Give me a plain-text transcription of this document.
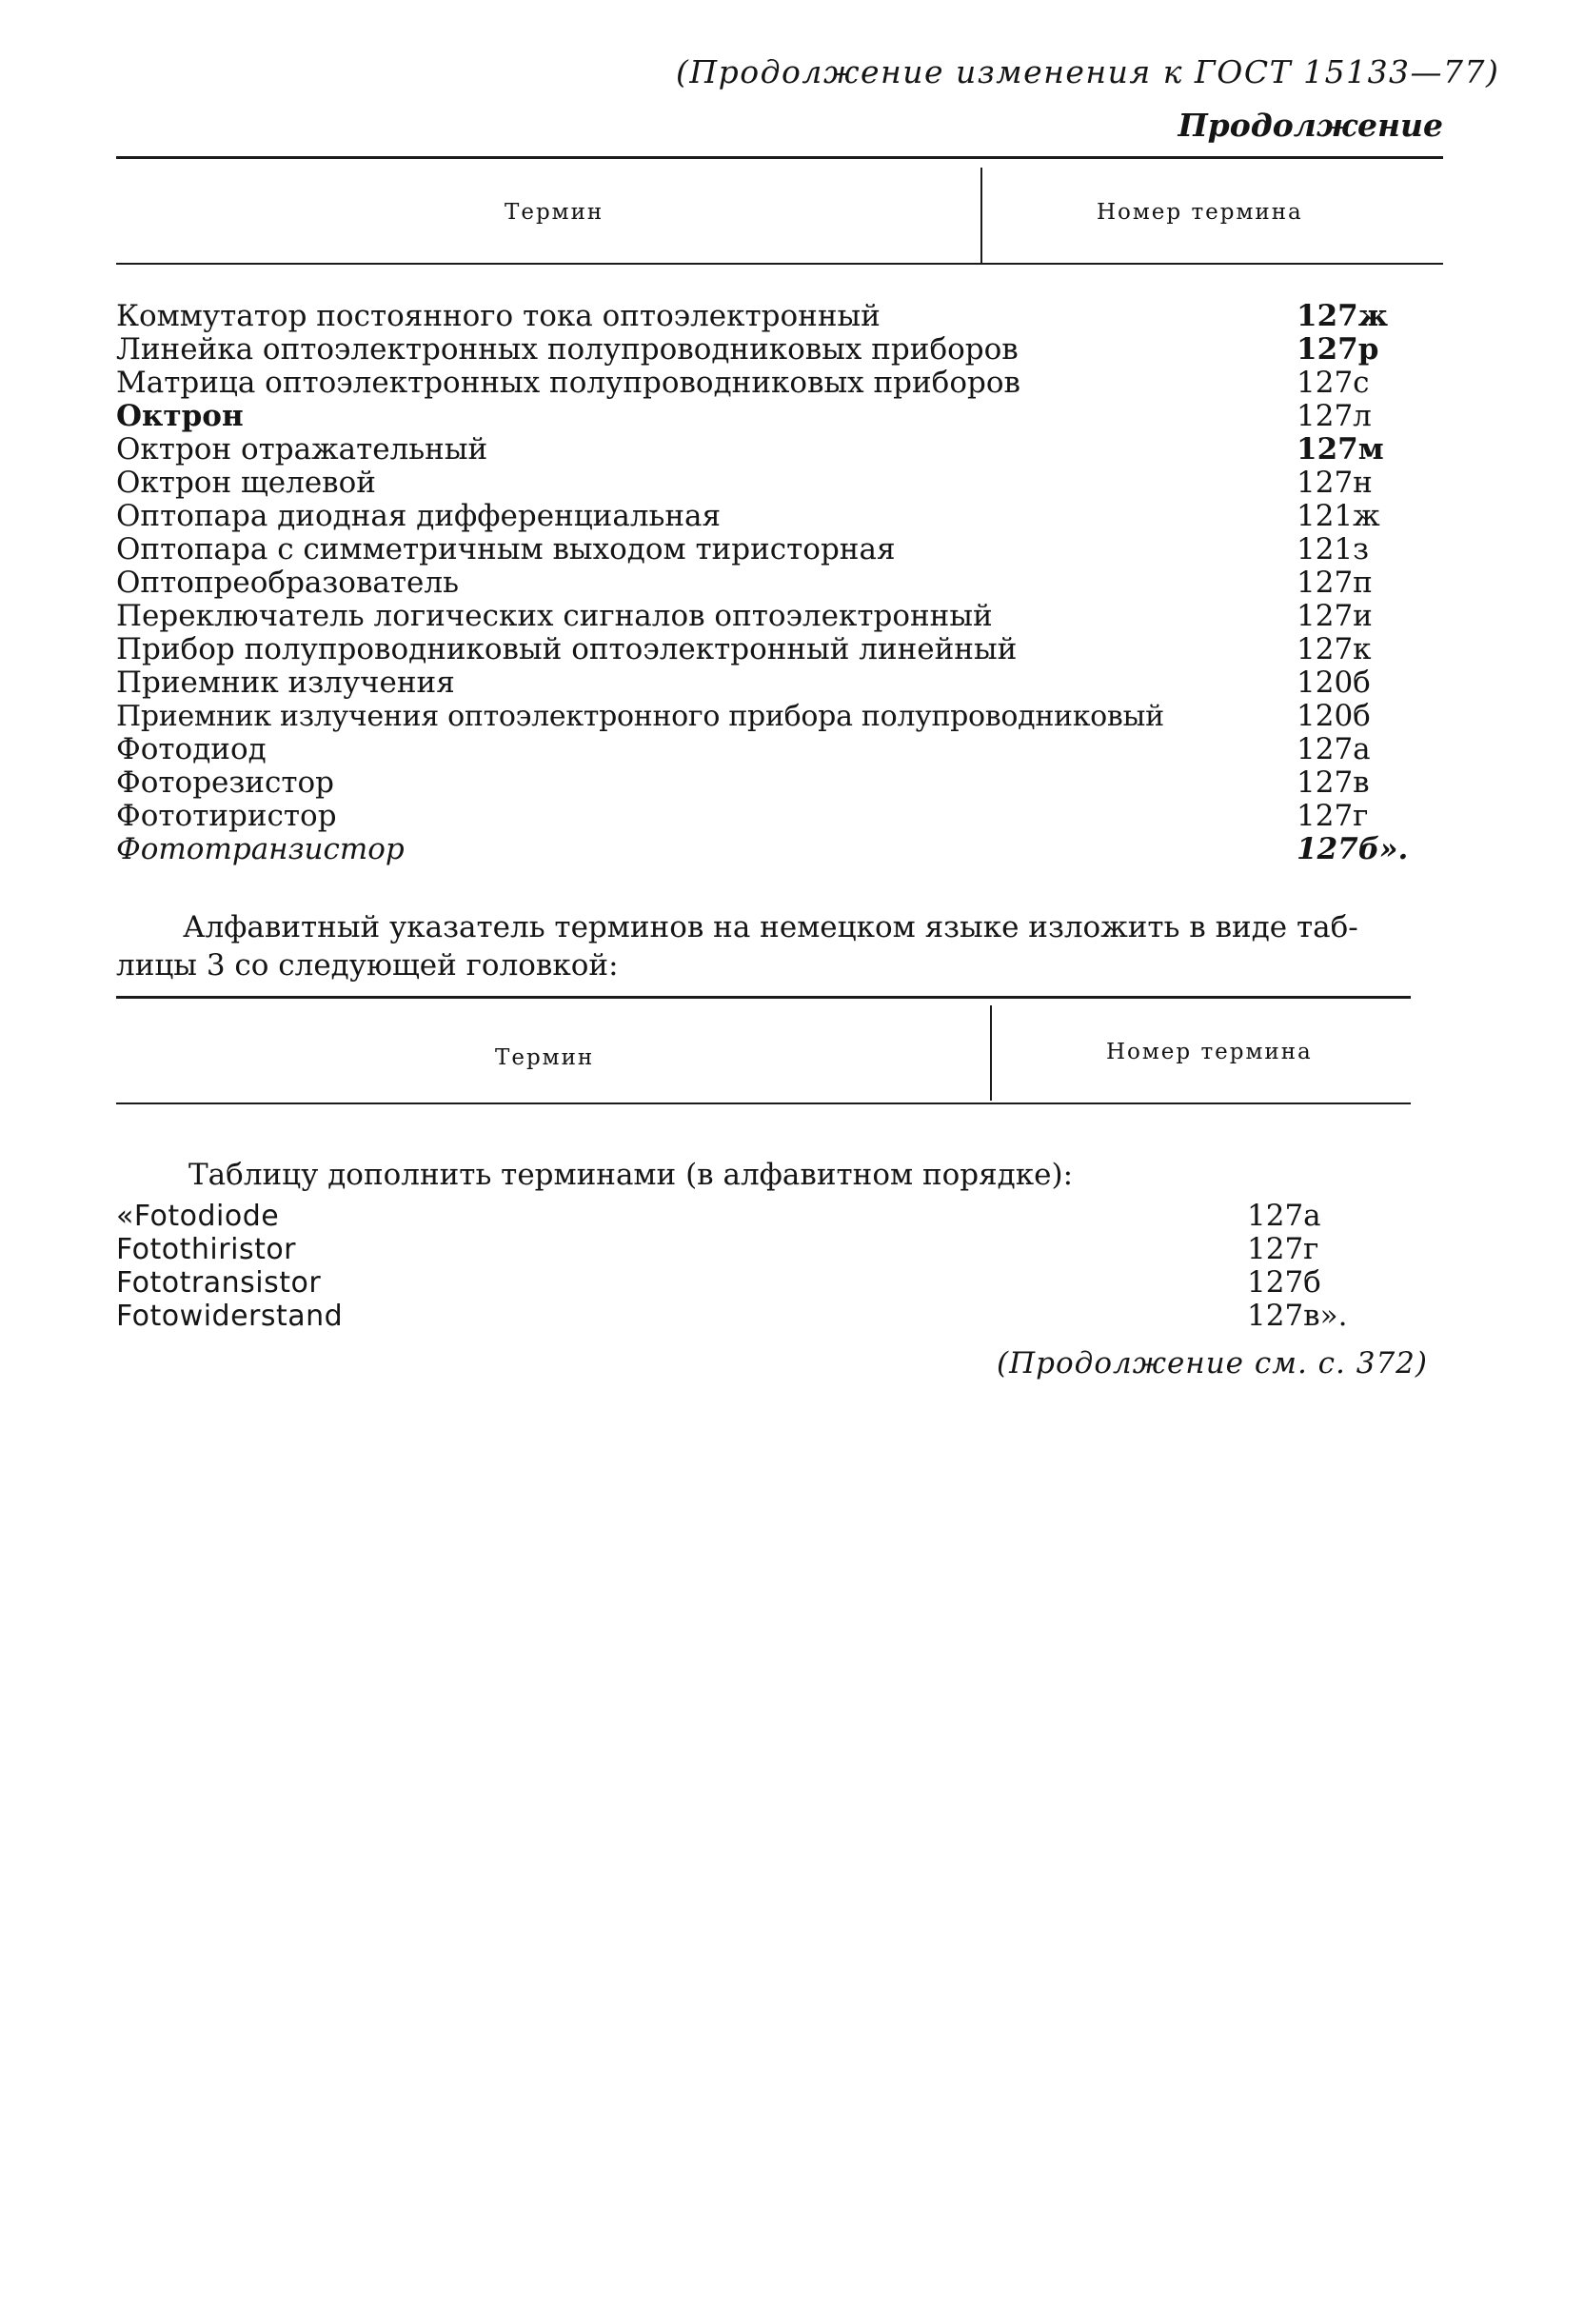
(Продолжение изменения к ГОСТ 15133—77)
Продолжение
Термин	Номер термина
Коммутатор постоянного тока оптоэлектронный	127ж
Линейка оптоэлектронных полупроводниковых приборов	127р
Матрица оптоэлектронных полупроводниковых приборов	127с
Октрон	127л
Октрон отражательный	127м
Октрон щелевой	127н
Оптопара диодная дифференциальная	121ж
Оптопара с симметричным выходом тиристорная	121з
Оптопреобразователь	127п
Переключатель логических сигналов оптоэлектронный	127и
Прибор полупроводниковый оптоэлектронный линейный	127к
Приемник излучения	120б
Приемник излучения оптоэлектронного прибора полупроводниковый	120б
Фотодиод	127а
Фоторезистор	127в
Фототиристор	127г
Фототранзистор	127б».
Алфавитный указатель терминов на немецком языке изложить в виде таб-
лицы 3 со следующей головкой:
Термин	Номер термина
Таблицу дополнить терминами (в алфавитном порядке):
«Fotodiode	127а
Fotothiristor	127г
Fototransistor	127б
Fotowiderstand	127в».
(Продолжение см. с. 372)
